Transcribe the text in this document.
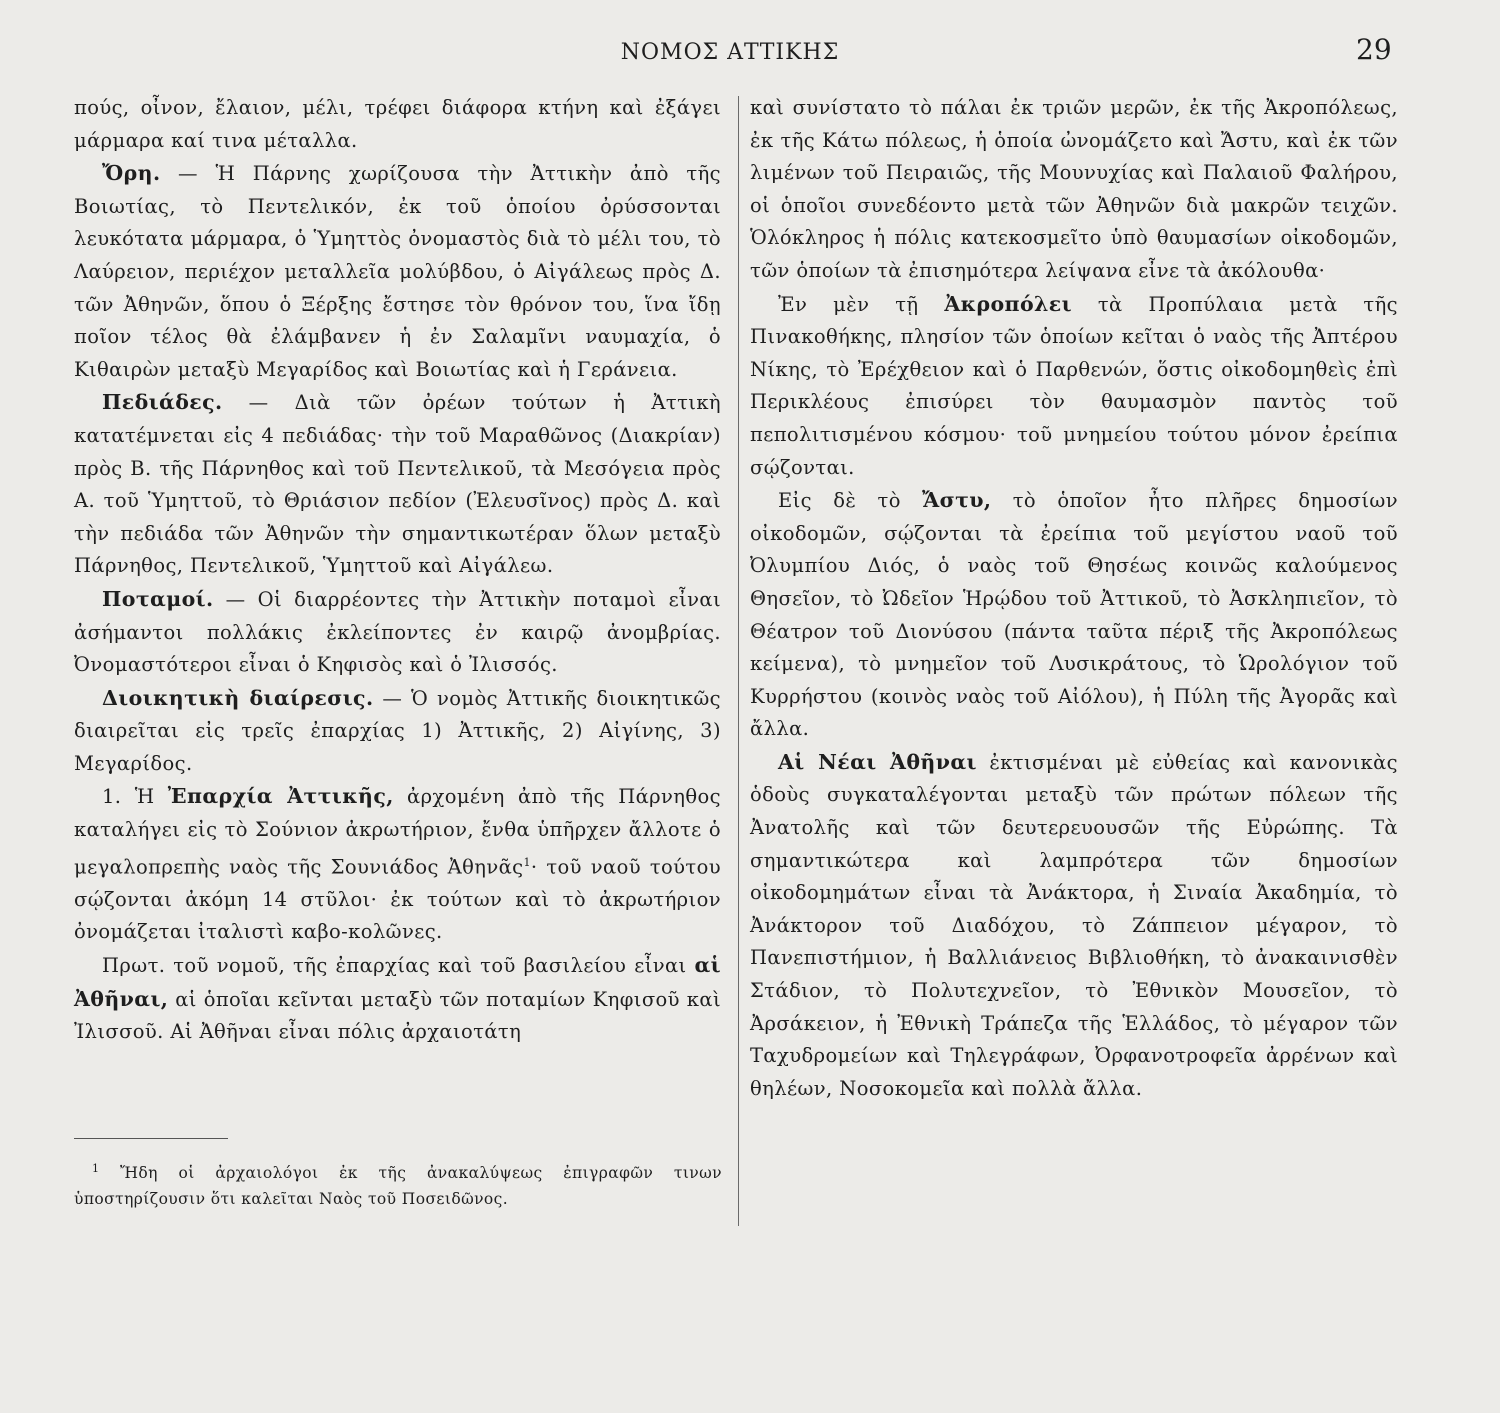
ΝΟΜΟΣ ΑΤΤΙΚΗΣ	29

πούς, οἶνον, ἔλαιον, μέλι, τρέφει διάφορα κτήνη καὶ ἐξάγει μάρμαρα καί τινα μέταλλα.

Ὄρη. — Ἡ Πάρνης χωρίζουσα τὴν Ἀττικὴν ἀπὸ τῆς Βοιωτίας, τὸ Πεντελικόν, ἐκ τοῦ ὁποίου ὀρύσσονται λευκότατα μάρμαρα, ὁ Ὑμηττὸς ὀνομαστὸς διὰ τὸ μέλι του, τὸ Λαύρειον, περιέχον μεταλλεῖα μολύβδου, ὁ Αἰγάλεως πρὸς Δ. τῶν Ἀθηνῶν, ὅπου ὁ Ξέρξης ἔστησε τὸν θρόνον του, ἵνα ἴδῃ ποῖον τέλος θὰ ἐλάμβανεν ἡ ἐν Σαλαμῖνι ναυμαχία, ὁ Κιθαιρὼν μεταξὺ Μεγαρίδος καὶ Βοιωτίας καὶ ἡ Γεράνεια.

Πεδιάδες. — Διὰ τῶν ὀρέων τούτων ἡ Ἀττικὴ κατατέμνεται εἰς 4 πεδιάδας· τὴν τοῦ Μαραθῶνος (Διακρίαν) πρὸς Β. τῆς Πάρνηθος καὶ τοῦ Πεντελικοῦ, τὰ Μεσόγεια πρὸς Α. τοῦ Ὑμηττοῦ, τὸ Θριάσιον πεδίον (Ἐλευσῖνος) πρὸς Δ. καὶ τὴν πεδιάδα τῶν Ἀθηνῶν τὴν σημαντικωτέραν ὅλων μεταξὺ Πάρνηθος, Πεντελικοῦ, Ὑμηττοῦ καὶ Αἰγάλεω.

Ποταμοί. — Οἱ διαρρέοντες τὴν Ἀττικὴν ποταμοὶ εἶναι ἀσήμαντοι πολλάκις ἐκλείποντες ἐν καιρῷ ἀνομβρίας. Ὀνομαστότεροι εἶναι ὁ Κηφισὸς καὶ ὁ Ἰλισσός.

Διοικητικὴ διαίρεσις. — Ὁ νομὸς Ἀττικῆς διοικητικῶς διαιρεῖται εἰς τρεῖς ἐπαρχίας 1) Ἀττικῆς, 2) Αἰγίνης, 3) Μεγαρίδος.

1. Ἡ Ἐπαρχία Ἀττικῆς, ἀρχομένη ἀπὸ τῆς Πάρνηθος καταλήγει εἰς τὸ Σούνιον ἀκρωτήριον, ἔνθα ὑπῆρχεν ἄλλοτε ὁ μεγαλοπρεπὴς ναὸς τῆς Σουνιάδος Ἀθηνᾶς$^1$· τοῦ ναοῦ τούτου σῴζονται ἀκόμη 14 στῦλοι· ἐκ τούτων καὶ τὸ ἀκρωτήριον ὀνομάζεται ἰταλιστὶ καβο-κολῶνες.

Πρωτ. τοῦ νομοῦ, τῆς ἐπαρχίας καὶ τοῦ βασιλείου εἶναι αἱ Ἀθῆναι, αἱ ὁποῖαι κεῖνται μεταξὺ τῶν ποταμίων Κηφισοῦ καὶ Ἰλισσοῦ. Αἱ Ἀθῆναι εἶναι πόλις ἀρχαιοτάτη

καὶ συνίστατο τὸ πάλαι ἐκ τριῶν μερῶν, ἐκ τῆς Ἀκροπόλεως, ἐκ τῆς Κάτω πόλεως, ἡ ὁποία ὠνομάζετο καὶ Ἄστυ, καὶ ἐκ τῶν λιμένων τοῦ Πειραιῶς, τῆς Μουνυχίας καὶ Παλαιοῦ Φαλήρου, οἱ ὁποῖοι συνεδέοντο μετὰ τῶν Ἀθηνῶν διὰ μακρῶν τειχῶν. Ὁλόκληρος ἡ πόλις κατεκοσμεῖτο ὑπὸ θαυμασίων οἰκοδομῶν, τῶν ὁποίων τὰ ἐπισημότερα λείψανα εἶνε τὰ ἀκόλουθα·

Ἐν μὲν τῇ Ἀκροπόλει τὰ Προπύλαια μετὰ τῆς Πινακοθήκης, πλησίον τῶν ὁποίων κεῖται ὁ ναὸς τῆς Ἀπτέρου Νίκης, τὸ Ἐρέχθειον καὶ ὁ Παρθενών, ὅστις οἰκοδομηθεὶς ἐπὶ Περικλέους ἐπισύρει τὸν θαυμασμὸν παντὸς τοῦ πεπολιτισμένου κόσμου· τοῦ μνημείου τούτου μόνον ἐρείπια σῴζονται.

Εἰς δὲ τὸ Ἄστυ, τὸ ὁποῖον ἦτο πλῆρες δημοσίων οἰκοδομῶν, σῴζονται τὰ ἐρείπια τοῦ μεγίστου ναοῦ τοῦ Ὀλυμπίου Διός, ὁ ναὸς τοῦ Θησέως κοινῶς καλούμενος Θησεῖον, τὸ Ὠδεῖον Ἡρῴδου τοῦ Ἀττικοῦ, τὸ Ἀσκληπιεῖον, τὸ Θέατρον τοῦ Διονύσου (πάντα ταῦτα πέριξ τῆς Ἀκροπόλεως κείμενα), τὸ μνημεῖον τοῦ Λυσικράτους, τὸ Ὡρολόγιον τοῦ Κυρρήστου (κοινὸς ναὸς τοῦ Αἰόλου), ἡ Πύλη τῆς Ἀγορᾶς καὶ ἄλλα.

Αἱ Νέαι Ἀθῆναι ἐκτισμέναι μὲ εὐθείας καὶ κανονικὰς ὁδοὺς συγκαταλέγονται μεταξὺ τῶν πρώτων πόλεων τῆς Ἀνατολῆς καὶ τῶν δευτερευουσῶν τῆς Εὐρώπης. Τὰ σημαντικώτερα καὶ λαμπρότερα τῶν δημοσίων οἰκοδομημάτων εἶναι τὰ Ἀνάκτορα, ἡ Σιναία Ἀκαδημία, τὸ Ἀνάκτορον τοῦ Διαδόχου, τὸ Ζάππειον μέγαρον, τὸ Πανεπιστήμιον, ἡ Βαλλιάνειος Βιβλιοθήκη, τὸ ἀνακαινισθὲν Στάδιον, τὸ Πολυτεχνεῖον, τὸ Ἐθνικὸν Μουσεῖον, τὸ Ἀρσάκειον, ἡ Ἐθνικὴ Τράπεζα τῆς Ἑλλάδος, τὸ μέγαρον τῶν Ταχυδρομείων καὶ Τηλεγράφων, Ὀρφανοτροφεῖα ἀρρένων καὶ θηλέων, Νοσοκομεῖα καὶ πολλὰ ἄλλα.

$^1$ Ἤδη οἱ ἀρχαιολόγοι ἐκ τῆς ἀνακαλύψεως ἐπιγραφῶν τινων ὑποστηρίζουσιν ὅτι καλεῖται Ναὸς τοῦ Ποσειδῶνος.
